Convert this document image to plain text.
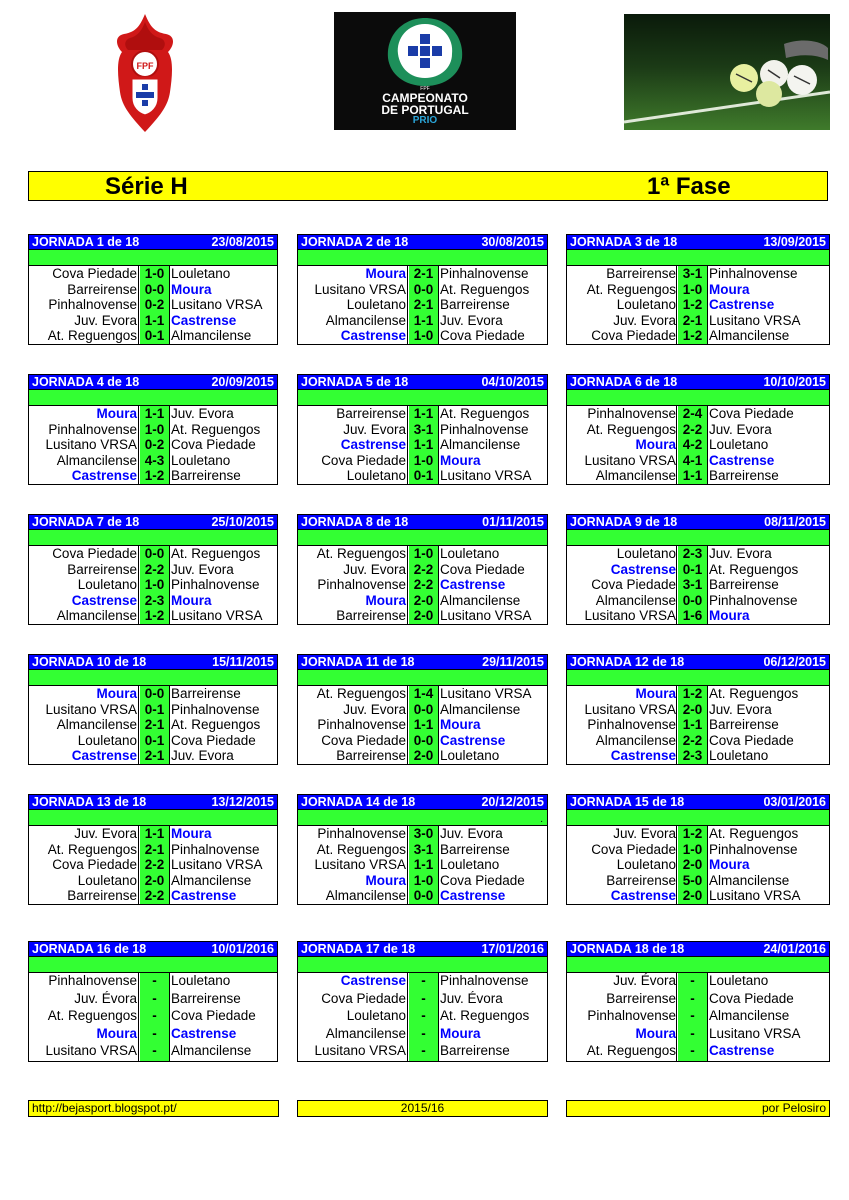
FPF
FPF
CAMPEONATO
DE PORTUGAL
PRIO
Série H	1ª Fase
JORNADA 1 de 18	23/08/2015
Cova Piedade 1-0 Louletano
Barreirense 0-0 Moura
Pinhalnovense 0-2 Lusitano VRSA
Juv. Evora 1-1 Castrense
At. Reguengos 0-1 Almancilense
JORNADA 2 de 18	30/08/2015
Moura 2-1 Pinhalnovense
Lusitano VRSA 0-0 At. Reguengos
Louletano 2-1 Barreirense
Almancilense 1-1 Juv. Evora
Castrense 1-0 Cova Piedade
JORNADA 3 de 18	13/09/2015
Barreirense 3-1 Pinhalnovense
At. Reguengos 1-0 Moura
Louletano 1-2 Castrense
Juv. Evora 2-1 Lusitano VRSA
Cova Piedade 1-2 Almancilense
JORNADA 4 de 18	20/09/2015
Moura 1-1 Juv. Evora
Pinhalnovense 1-0 At. Reguengos
Lusitano VRSA 0-2 Cova Piedade
Almancilense 4-3 Louletano
Castrense 1-2 Barreirense
JORNADA 5 de 18	04/10/2015
Barreirense 1-1 At. Reguengos
Juv. Evora 3-1 Pinhalnovense
Castrense 1-1 Almancilense
Cova Piedade 1-0 Moura
Louletano 0-1 Lusitano VRSA
JORNADA 6 de 18	10/10/2015
Pinhalnovense 2-4 Cova Piedade
At. Reguengos 2-2 Juv. Evora
Moura 4-2 Louletano
Lusitano VRSA 4-1 Castrense
Almancilense 1-1 Barreirense
JORNADA 7 de 18	25/10/2015
Cova Piedade 0-0 At. Reguengos
Barreirense 2-2 Juv. Evora
Louletano 1-0 Pinhalnovense
Castrense 2-3 Moura
Almancilense 1-2 Lusitano VRSA
JORNADA 8 de 18	01/11/2015
At. Reguengos 1-0 Louletano
Juv. Evora 2-2 Cova Piedade
Pinhalnovense 2-2 Castrense
Moura 2-0 Almancilense
Barreirense 2-0 Lusitano VRSA
JORNADA 9 de 18	08/11/2015
Louletano 2-3 Juv. Evora
Castrense 0-1 At. Reguengos
Cova Piedade 3-1 Barreirense
Almancilense 0-0 Pinhalnovense
Lusitano VRSA 1-6 Moura
JORNADA 10 de 18	15/11/2015
Moura 0-0 Barreirense
Lusitano VRSA 0-1 Pinhalnovense
Almancilense 2-1 At. Reguengos
Louletano 0-1 Cova Piedade
Castrense 2-1 Juv. Evora
JORNADA 11 de 18	29/11/2015
At. Reguengos 1-4 Lusitano VRSA
Juv. Evora 0-0 Almancilense
Pinhalnovense 1-1 Moura
Cova Piedade 0-0 Castrense
Barreirense 2-0 Louletano
JORNADA 12 de 18	06/12/2015
Moura 1-2 At. Reguengos
Lusitano VRSA 2-0 Juv. Evora
Pinhalnovense 1-1 Barreirense
Almancilense 2-2 Cova Piedade
Castrense 2-3 Louletano
JORNADA 13 de 18	13/12/2015
Juv. Evora 1-1 Moura
At. Reguengos 2-1 Pinhalnovense
Cova Piedade 2-2 Lusitano VRSA
Louletano 2-0 Almancilense
Barreirense 2-2 Castrense
JORNADA 14 de 18	20/12/2015
.
Pinhalnovense 3-0 Juv. Evora
At. Reguengos 3-1 Barreirense
Lusitano VRSA 1-1 Louletano
Moura 1-0 Cova Piedade
Almancilense 0-0 Castrense
JORNADA 15 de 18	03/01/2016
Juv. Evora 1-2 At. Reguengos
Cova Piedade 1-0 Pinhalnovense
Louletano 2-0 Moura
Barreirense 5-0 Almancilense
Castrense 2-0 Lusitano VRSA
JORNADA 16 de 18	10/01/2016
Pinhalnovense	-	Louletano
Juv. Évora	-	Barreirense
At. Reguengos	-	Cova Piedade
Moura	-	Castrense
Lusitano VRSA	-	Almancilense
JORNADA 17 de 18	17/01/2016
Castrense	-	Pinhalnovense
Cova Piedade	-	Juv. Évora
Louletano	-	At. Reguengos
Almancilense	-	Moura
Lusitano VRSA	-	Barreirense
JORNADA 18 de 18	24/01/2016
Juv. Évora	-	Louletano
Barreirense	-	Cova Piedade
Pinhalnovense	-	Almancilense
Moura	-	Lusitano VRSA
At. Reguengos	-	Castrense
http://bejasport.blogspot.pt/	2015/16	por Pelosiro
